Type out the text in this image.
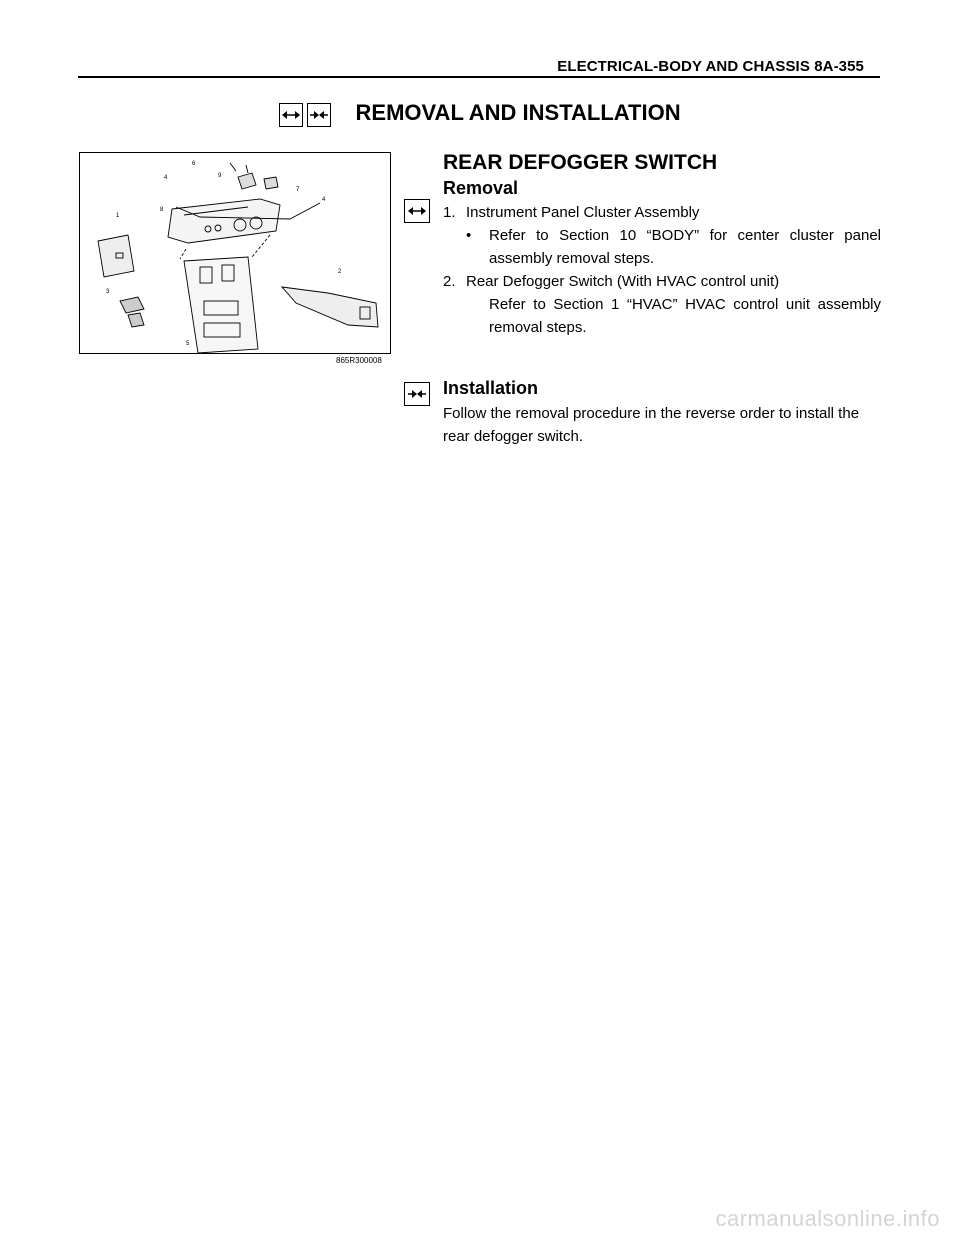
ELECTRICAL-BODY AND CHASSIS 8A-355
REMOVAL AND INSTALLATION
1
2
3
4
4
5
6
7
8
9
865R300008
REAR DEFOGGER SWITCH
Removal
1. Instrument Panel Cluster Assembly
• Refer to Section 10 “BODY” for center cluster panel assembly removal steps.
2. Rear Defogger Switch (With HVAC control unit)
Refer to Section 1 “HVAC” HVAC control unit assembly removal steps.
Installation
Follow the removal procedure in the reverse order to install the rear defogger switch.
carmanualsonline.info
